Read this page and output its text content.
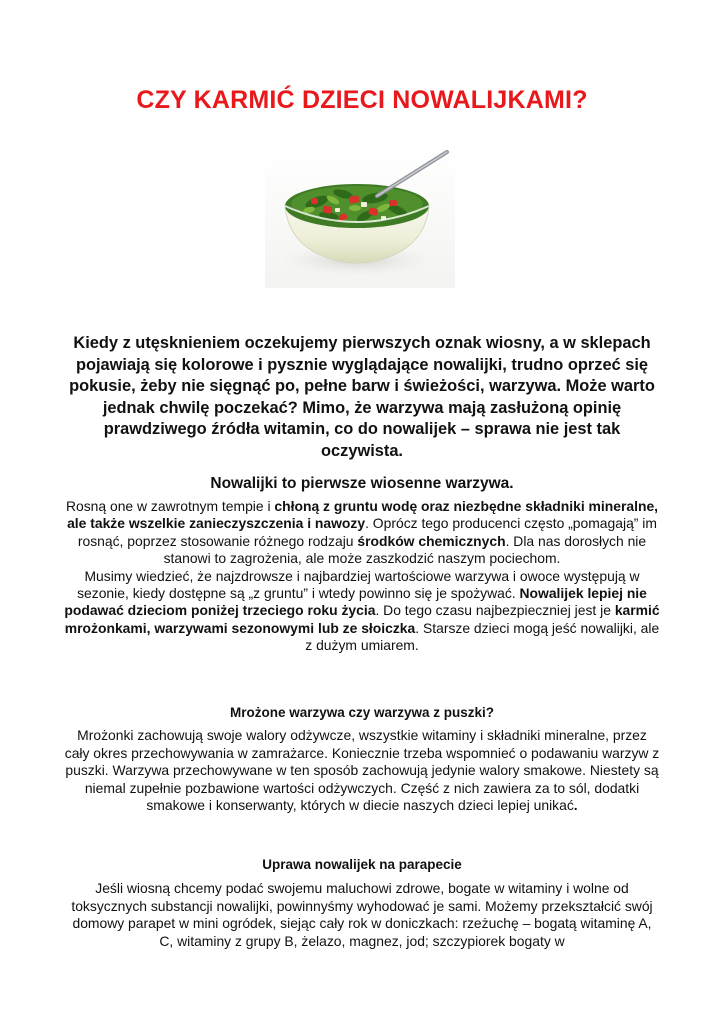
CZY KARMIĆ DZIECI NOWALIJKAMI?
Kiedy z utęsknieniem oczekujemy pierwszych oznak wiosny, a w sklepach pojawiają się kolorowe i pysznie wyglądające nowalijki, trudno oprzeć się pokusie, żeby nie sięgnąć po, pełne barw i świeżości, warzywa. Może warto jednak chwilę poczekać? Mimo, że warzywa mają zasłużoną opinię prawdziwego źródła witamin, co do nowalijek – sprawa nie jest tak oczywista.
Nowalijki to pierwsze wiosenne warzywa.

Rosną one w zawrotnym tempie i chłoną z gruntu wodę oraz niezbędne składniki mineralne, ale także wszelkie zanieczyszczenia i nawozy. Oprócz tego producenci często „pomagają” im rosnąć, poprzez stosowanie różnego rodzaju środków chemicznych. Dla nas dorosłych nie stanowi to zagrożenia, ale może zaszkodzić naszym pociechom.

Musimy wiedzieć, że najzdrowsze i najbardziej wartościowe warzywa i owoce występują w sezonie, kiedy dostępne są „z gruntu” i wtedy powinno się je spożywać. Nowalijek lepiej nie podawać dzieciom poniżej trzeciego roku życia. Do tego czasu najbezpieczniej jest je karmić mrożonkami, warzywami sezonowymi lub ze słoiczka. Starsze dzieci mogą jeść nowalijki, ale z dużym umiarem.

Mrożone warzywa czy warzywa z puszki?
Mrożonki zachowują swoje walory odżywcze, wszystkie witaminy i składniki mineralne, przez cały okres przechowywania w zamrażarce. Koniecznie trzeba wspomnieć o podawaniu warzyw z puszki. Warzywa przechowywane w ten sposób zachowują jedynie walory smakowe. Niestety są niemal zupełnie pozbawione wartości odżywczych. Część z nich zawiera za to sól, dodatki smakowe i konserwanty, których w diecie naszych dzieci lepiej unikać.
Uprawa nowalijek na parapecie
Jeśli wiosną chcemy podać swojemu maluchowi zdrowe, bogate w witaminy i wolne od toksycznych substancji nowalijki, powinnyśmy wyhodować je sami. Możemy przekształcić swój domowy parapet w mini ogródek, siejąc cały rok w doniczkach: rzeżuchę – bogatą witaminę A, C, witaminy z grupy B, żelazo, magnez, jod; szczypiorek bogaty w
